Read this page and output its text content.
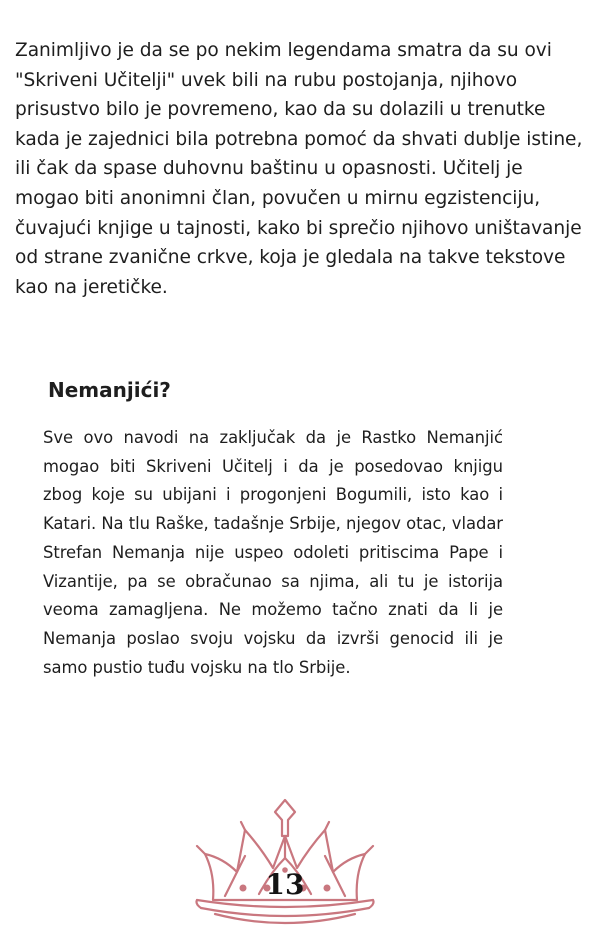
Zanimljivo je da se po nekim legendama smatra da su ovi "Skriveni Učitelji" uvek bili na rubu postojanja, njihovo prisustvo bilo je povremeno, kao da su dolazili u trenutke kada je zajednici bila potrebna pomoć da shvati dublje istine, ili čak da spase duhovnu baštinu u opasnosti. Učitelj je mogao biti anonimni član, povučen u mirnu egzistenciju, čuvajući knjige u tajnosti, kako bi sprečio njihovo uništavanje od strane zvanične crkve, koja je gledala na takve tekstove kao na jeretičke.

Nemanjići?

Sve ovo navodi na zaključak da je Rastko Nemanjić mogao biti Skriveni Učitelj i da je posedovao knjigu zbog koje su ubijani i progonjeni Bogumili, isto kao i Katari. Na tlu Raške, tadašnje Srbije, njegov otac, vladar Strefan Nemanja nije uspeo odoleti pritiscima Pape i Vizantije, pa se obračunao sa njima, ali tu je istorija veoma zamagljena. Ne možemo tačno znati da li je Nemanja poslao svoju vojsku da izvrši genocid ili je samo pustio tuđu vojsku na tlo Srbije.

13
